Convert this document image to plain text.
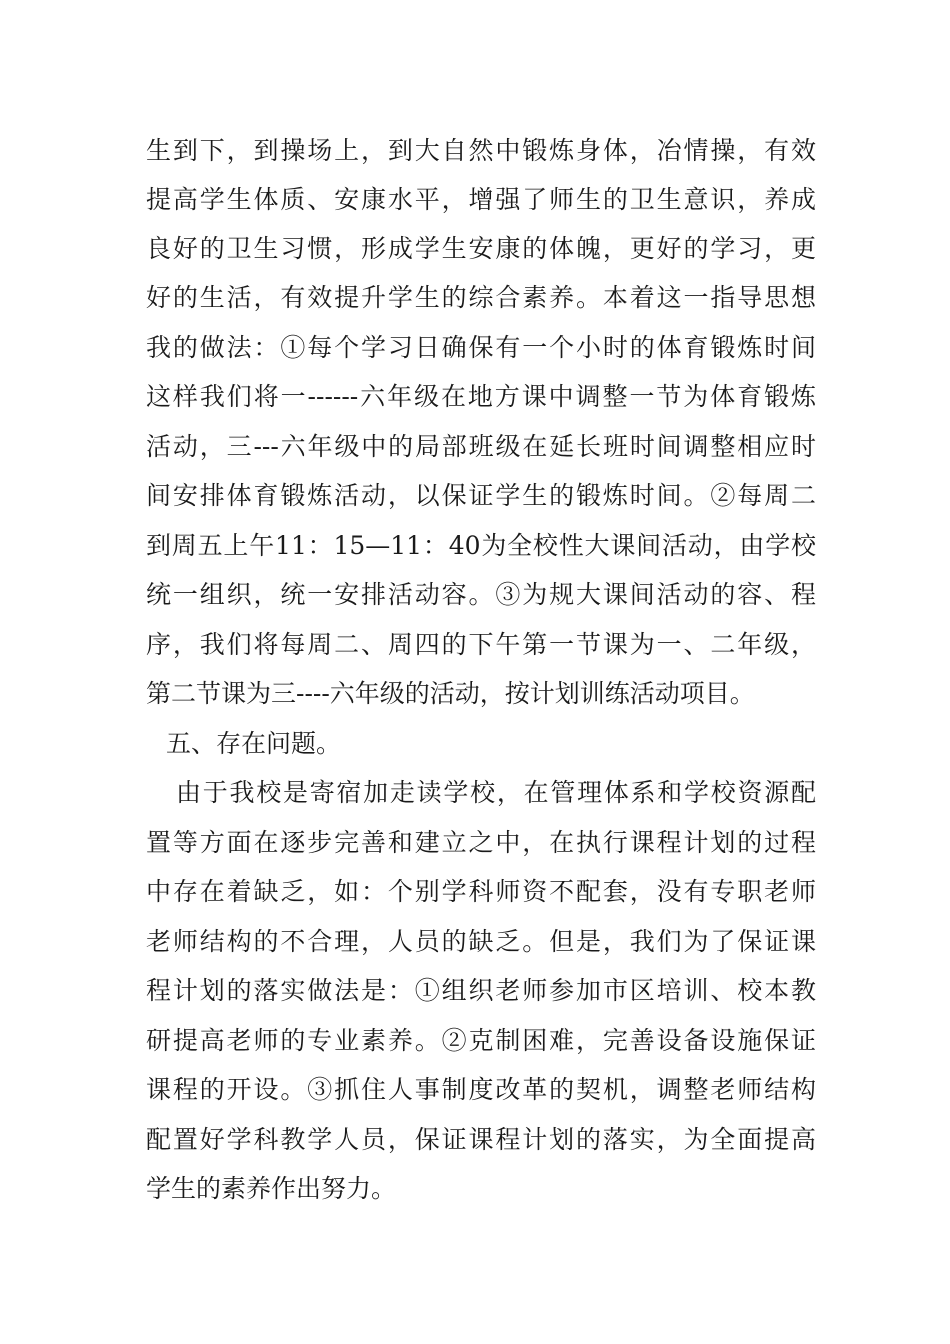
生到下，到操场上，到大自然中锻炼身体，冶情操，有效
提高学生体质、安康水平，增强了师生的卫生意识，养成
良好的卫生习惯，形成学生安康的体魄，更好的学习，更
好的生活，有效提升学生的综合素养。本着这一指导思想
我的做法：①每个学习日确保有一个小时的体育锻炼时间
这样我们将一------六年级在地方课中调整一节为体育锻炼
活动，三---六年级中的局部班级在延长班时间调整相应时
间安排体育锻炼活动，以保证学生的锻炼时间。②每周二
到周五上午11：15—11：40为全校性大课间活动，由学校
统一组织，统一安排活动容。③为规大课间活动的容、程
序，我们将每周二、周四的下午第一节课为一、二年级，
第二节课为三----六年级的活动，按计划训练活动项目。
五、存在问题。
由于我校是寄宿加走读学校，在管理体系和学校资源配
置等方面在逐步完善和建立之中，在执行课程计划的过程
中存在着缺乏，如：个别学科师资不配套，没有专职老师
老师结构的不合理，人员的缺乏。但是，我们为了保证课
程计划的落实做法是：①组织老师参加市区培训、校本教
研提高老师的专业素养。②克制困难，完善设备设施保证
课程的开设。③抓住人事制度改革的契机，调整老师结构
配置好学科教学人员，保证课程计划的落实，为全面提高
学生的素养作出努力。
